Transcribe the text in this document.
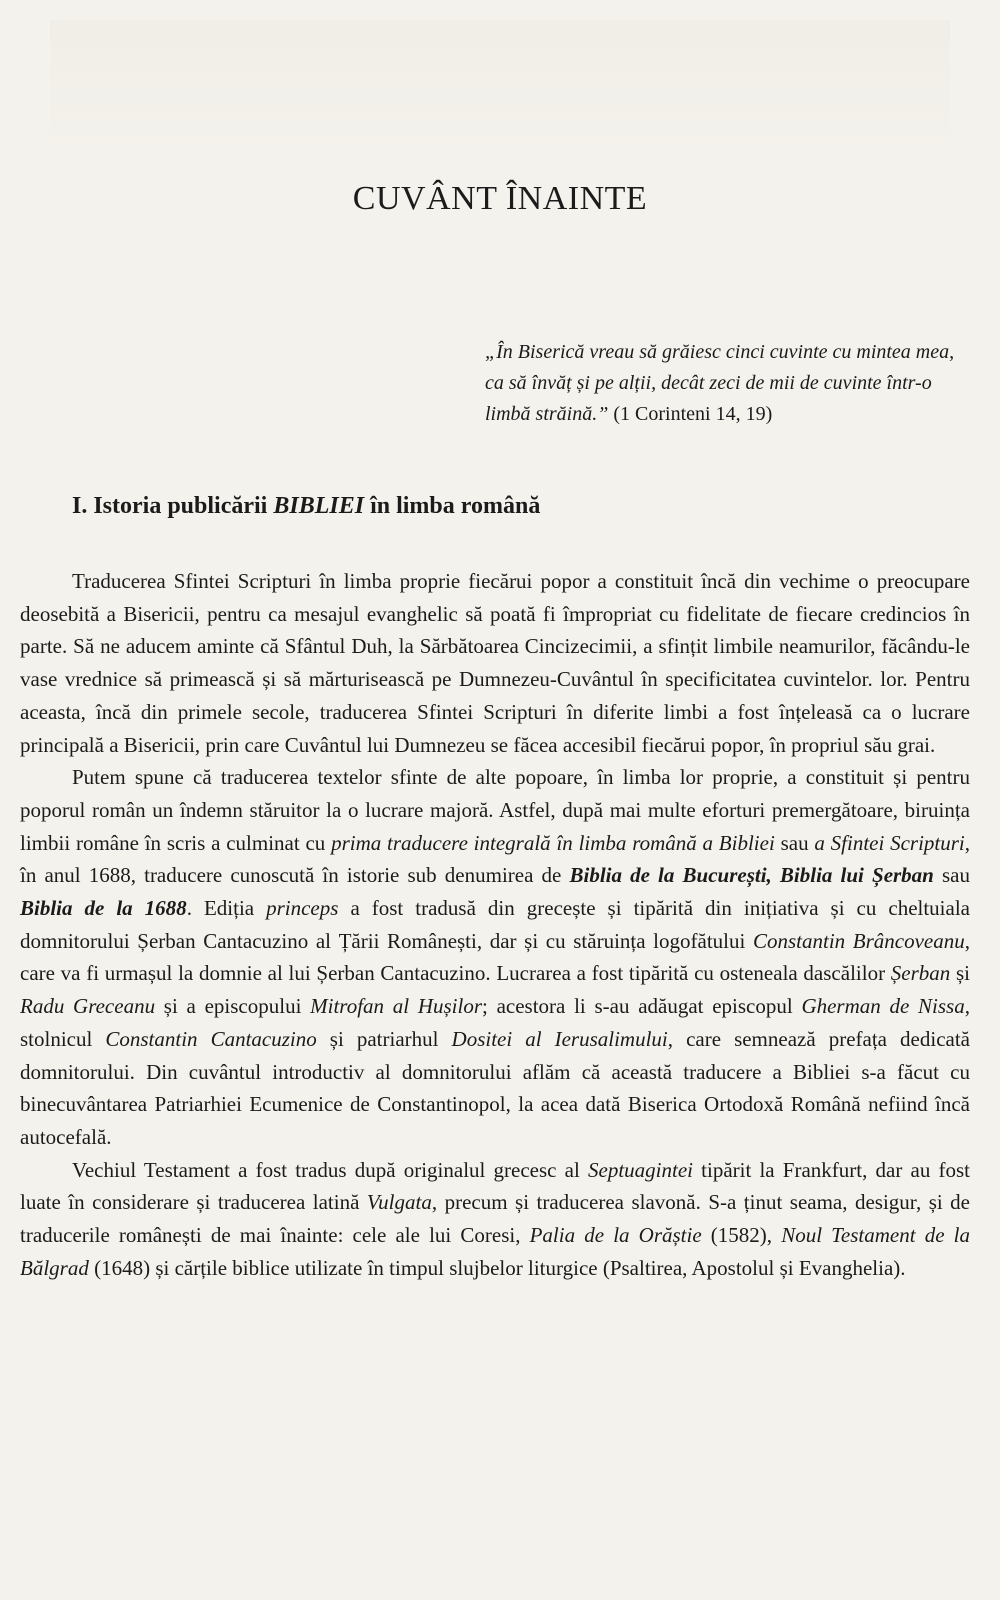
CUVÂNT ÎNAINTE

„În Biserică vreau să grăiesc cinci cuvinte cu mintea mea, ca să învăț și pe alții, decât zeci de mii de cuvinte într-o limbă străină.” (1 Corinteni 14, 19)

I. Istoria publicării BIBLIEI în limba română

Traducerea Sfintei Scripturi în limba proprie fiecărui popor a constituit încă din vechime o preocupare deosebită a Bisericii, pentru ca mesajul evanghelic să poată fi împropriat cu fidelitate de fiecare credincios în parte. Să ne aducem aminte că Sfântul Duh, la Sărbătoarea Cincizecimii, a sfințit limbile neamurilor, făcându-le vase vrednice să primească și să mărturisească pe Dumnezeu-Cuvântul în specificitatea cuvintelor. lor. Pentru aceasta, încă din primele secole, traducerea Sfintei Scripturi în diferite limbi a fost înțeleasă ca o lucrare principală a Bisericii, prin care Cuvântul lui Dumnezeu se făcea accesibil fiecărui popor, în propriul său grai.

Putem spune că traducerea textelor sfinte de alte popoare, în limba lor proprie, a constituit și pentru poporul român un îndemn stăruitor la o lucrare majoră. Astfel, după mai multe eforturi premergătoare, biruința limbii române în scris a culminat cu prima traducere integrală în limba română a Bibliei sau a Sfintei Scripturi, în anul 1688, traducere cunoscută în istorie sub denumirea de Biblia de la București, Biblia lui Șerban sau Biblia de la 1688. Ediția princeps a fost tradusă din grecește și tipărită din inițiativa și cu cheltuiala domnitorului Șerban Cantacuzino al Țării Românești, dar și cu stăruința logofătului Constantin Brâncoveanu, care va fi urmașul la domnie al lui Șerban Cantacuzino. Lucrarea a fost tipărită cu osteneala dascălilor Șerban și Radu Greceanu și a episcopului Mitrofan al Hușilor; acestora li s-au adăugat episcopul Gherman de Nissa, stolnicul Constantin Cantacuzino și patriarhul Dositei al Ierusalimului, care semnează prefața dedicată domnitorului. Din cuvântul introductiv al domnitorului aflăm că această traducere a Bibliei s-a făcut cu binecuvântarea Patriarhiei Ecumenice de Constantinopol, la acea dată Biserica Ortodoxă Română nefiind încă autocefală.

Vechiul Testament a fost tradus după originalul grecesc al Septuagintei tipărit la Frankfurt, dar au fost luate în considerare și traducerea latină Vulgata, precum și traducerea slavonă. S-a ținut seama, desigur, și de traducerile românești de mai înainte: cele ale lui Coresi, Palia de la Orăștie (1582), Noul Testament de la Bălgrad (1648) și cărțile biblice utilizate în timpul slujbelor liturgice (Psaltirea, Apostolul și Evanghelia).
